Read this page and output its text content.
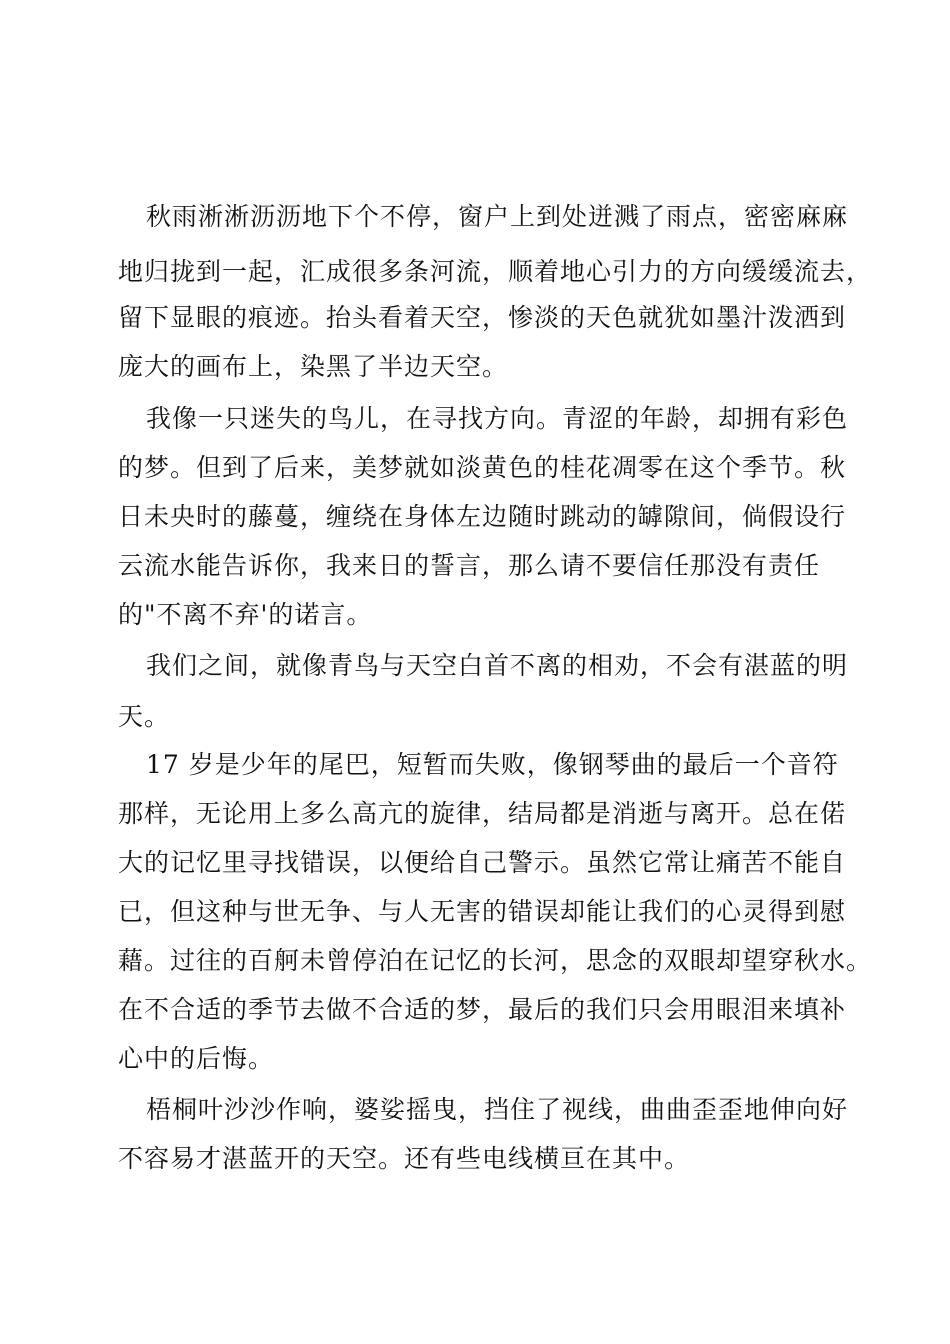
秋雨淅淅沥沥地下个不停，窗户上到处迸溅了雨点，密密麻麻
地归拢到一起，汇成很多条河流，顺着地心引力的方向缓缓流去，
留下显眼的痕迹。抬头看着天空，惨淡的天色就犹如墨汁泼洒到
庞大的画布上，染黑了半边天空。
我像一只迷失的鸟儿，在寻找方向。青涩的年龄，却拥有彩色
的梦。但到了后来，美梦就如淡黄色的桂花凋零在这个季节。秋
日未央时的藤蔓，缠绕在身体左边随时跳动的罅隙间，倘假设行
云流水能告诉你，我来日的誓言，那么请不要信任那没有责任
的"不离不弃'的诺言。
我们之间，就像青鸟与天空白首不离的相劝，不会有湛蓝的明
天。
17 岁是少年的尾巴，短暂而失败，像钢琴曲的最后一个音符
那样，无论用上多么高亢的旋律，结局都是消逝与离开。总在偌
大的记忆里寻找错误，以便给自己警示。虽然它常让痛苦不能自
已，但这种与世无争、与人无害的错误却能让我们的心灵得到慰
藉。过往的百舸未曾停泊在记忆的长河，思念的双眼却望穿秋水。
在不合适的季节去做不合适的梦，最后的我们只会用眼泪来填补
心中的后悔。
梧桐叶沙沙作响，婆娑摇曳，挡住了视线，曲曲歪歪地伸向好
不容易才湛蓝开的天空。还有些电线横亘在其中。
